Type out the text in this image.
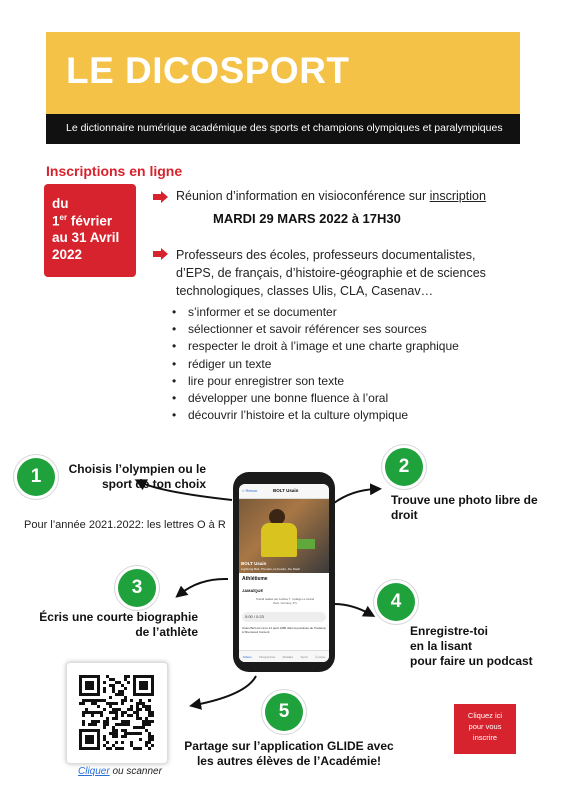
LE DICOSPORT
Le dictionnaire numérique académique des sports et champions olympiques et paralympiques
Inscriptions en ligne
du
1er février
au 31 Avril
2022
Réunion d’information en visioconférence sur inscription
MARDI 29 MARS 2022 à 17H30
Professeurs des écoles, professeurs documentalistes,
d’EPS, de français, d’histoire-géographie et de sciences
technologiques, classes Ulis, CLA, Casenav…
• s’informer et se documenter
• sélectionner et savoir référencer ses sources
• respecter le droit à l’image et une charte graphique
• rédiger un texte
• lire pour enregistrer son texte
• développer une bonne fluence à l’oral
• découvrir l’histoire et la culture olympique
1	Choisis l’olympien ou le
sport de ton choix
Pour l’année 2021.2022: les lettres O à R
2
Trouve une photo libre de
droit
3
Écris une courte biographie
de l’athlète
4
Enregistre-toi
en la lisant
pour faire un podcast
5
Partage sur l’application GLIDE avec
les autres élèves de l’Académie!
< Retour	BOLT Usain
BOLT Usain
Lightning Bolt, Thunder, la Foudre, the Flash
Athlétisme
JAMAÏQUE
Travail réalisé par Joshua T., Collège Le Grand Parc, Cormery, 37)
0:00 / 0:23
Usain Bolt est né le 21 août 1986 dans la paroisse de Trelawny à Sherwood Content
Athlètes	Pictogrammes	Médailles	Sports	À propos
Cliquer ou scanner
Cliquez ici
pour vous
inscrire
